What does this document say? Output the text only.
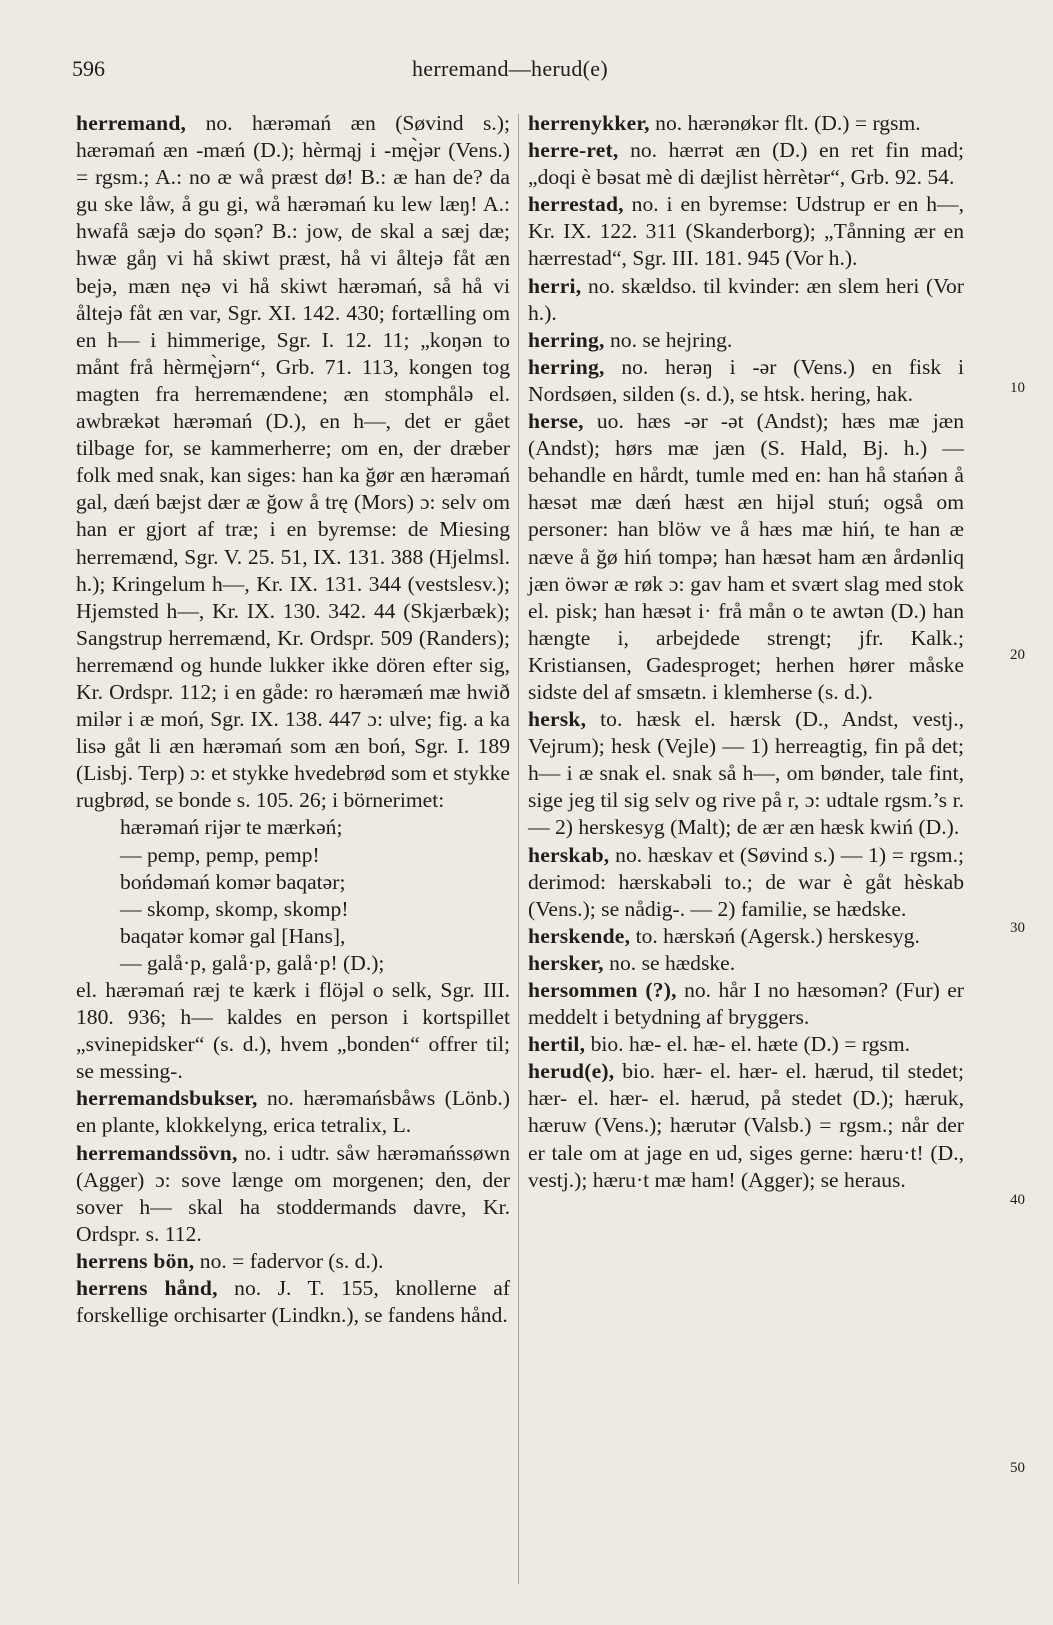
596	herremand—herud(e)
herremand, no. hærəmań æn (Søvind s.); hærəmań æn -mæń (D.); hèrmąj i -mę̀jər (Vens.) = rgsm.; A.: no æ wå præst dø! B.: æ han de? da gu ske låw, å gu gi, wå hærəmań ku lew læŋ! A.: hwafå sæjə do sǫən? B.: jow, de skal a sæj dæ; hwæ gåŋ vi hå skiwt præst, hå vi åltejə fåt æn bejə, mæn nęə vi hå skiwt hærəmań, så hå vi åltejə fåt æn var, Sgr. XI. 142. 430; fortælling om en h— i himmerige, Sgr. I. 12. 11; „koŋən to månt frå hèrmę̀jərn“, Grb. 71. 113, kongen tog magten fra herremændene; æn stomphålə el. awbrækət hærəmań (D.), en h—, det er gået tilbage for, se kammerherre; om en, der dræber folk med snak, kan siges: han ka ğør æn hærəmań gal, dæń bæjst dær æ ğow å trę (Mors) ɔ: selv om han er gjort af træ; i en byremse: de Miesing herremænd, Sgr. V. 25. 51, IX. 131. 388 (Hjelmsl. h.); Kringelum h—, Kr. IX. 131. 344 (vestslesv.); Hjemsted h—, Kr. IX. 130. 342. 44 (Skjærbæk); Sangstrup herremænd, Kr. Ordspr. 509 (Randers); herremænd og hunde lukker ikke dören efter sig, Kr. Ordspr. 112; i en gåde: ro hærəmæń mæ hwið milər i æ moń, Sgr. IX. 138. 447 ɔ: ulve; fig. a ka lisə gåt li æn hærəmań som æn boń, Sgr. I. 189 (Lisbj. Terp) ɔ: et stykke hvedebrød som et stykke rugbrød, se bonde s. 105. 26; i börnerimet:
hærəmań rijər te mærkəń;
— pemp, pemp, pemp!
bońdəmań komər baqatər;
— skomp, skomp, skomp!
baqatər komər gal [Hans],
— galå·p, galå·p, galå·p! (D.);
el. hærəmań ræj te kærk i flöjəl o selk, Sgr. III. 180. 936; h— kaldes en person i kortspillet „svinepidsker“ (s. d.), hvem „bonden“ offrer til; se messing-.
herremandsbukser, no. hærəmańsbåws (Lönb.) en plante, klokkelyng, erica tetralix, L.
herremandssövn, no. i udtr. såw hærəmańssøwn (Agger) ɔ: sove længe om morgenen; den, der sover h— skal ha stoddermands davre, Kr. Ordspr. s. 112.
herrens bön, no. = fadervor (s. d.).
herrens hånd, no. J. T. 155, knollerne af forskellige orchisarter (Lindkn.), se fandens hånd.
10
20
30
40
50
herrenykker, no. hærənøkər flt. (D.) = rgsm.
herre-ret, no. hærrət æn (D.) en ret fin mad; „doqi è bəsat mè di dæjlist hèrrètər“, Grb. 92. 54.
herrestad, no. i en byremse: Udstrup er en h—, Kr. IX. 122. 311 (Skanderborg); „Tånning ær en hærrestad“, Sgr. III. 181. 945 (Vor h.).
herri, no. skældso. til kvinder: æn slem heri (Vor h.).
herring, no. se hejring.
herring, no. herəŋ i -ər (Vens.) en fisk i Nordsøen, silden (s. d.), se htsk. hering, hak.
herse, uo. hæs -ər -ət (Andst); hæs mæ jæn (Andst); hørs mæ jæn (S. Hald, Bj. h.) — behandle en hårdt, tumle med en: han hå stańən å hæsət mæ dæń hæst æn hijəl stuń; også om personer: han blöw ve å hæs mæ hiń, te han æ næve å ğø hiń tompə; han hæsət ham æn årdənliq jæn öwər æ røk ɔ: gav ham et svært slag med stok el. pisk; han hæsət i· frå mån o te awtən (D.) han hængte i, arbejdede strengt; jfr. Kalk.; Kristiansen, Gadesproget; herhen hører måske sidste del af smsætn. i klemherse (s. d.).
hersk, to. hæsk el. hærsk (D., Andst, vestj., Vejrum); hesk (Vejle) — 1) herreagtig, fin på det; h— i æ snak el. snak så h—, om bønder, tale fint, sige jeg til sig selv og rive på r, ɔ: udtale rgsm.’s r. — 2) herskesyg (Malt); de ær æn hæsk kwiń (D.).
herskab, no. hæskav et (Søvind s.) — 1) = rgsm.; derimod: hærskabəli to.; de war è gåt hèskab (Vens.); se nådig-. — 2) familie, se hædske.
herskende, to. hærskəń (Agersk.) herskesyg.
hersker, no. se hædske.
hersommen (?), no. hår I no hæsomən? (Fur) er meddelt i betydning af bryggers.
hertil, bio. hæ- el. hæ- el. hæte (D.) = rgsm.
herud(e), bio. hær- el. hær- el. hærud, til stedet; hær- el. hær- el. hærud, på stedet (D.); hæruk, hæruw (Vens.); hærutər (Valsb.) = rgsm.; når der er tale om at jage en ud, siges gerne: hæru·t! (D., vestj.); hæru·t mæ ham! (Agger); se heraus.
